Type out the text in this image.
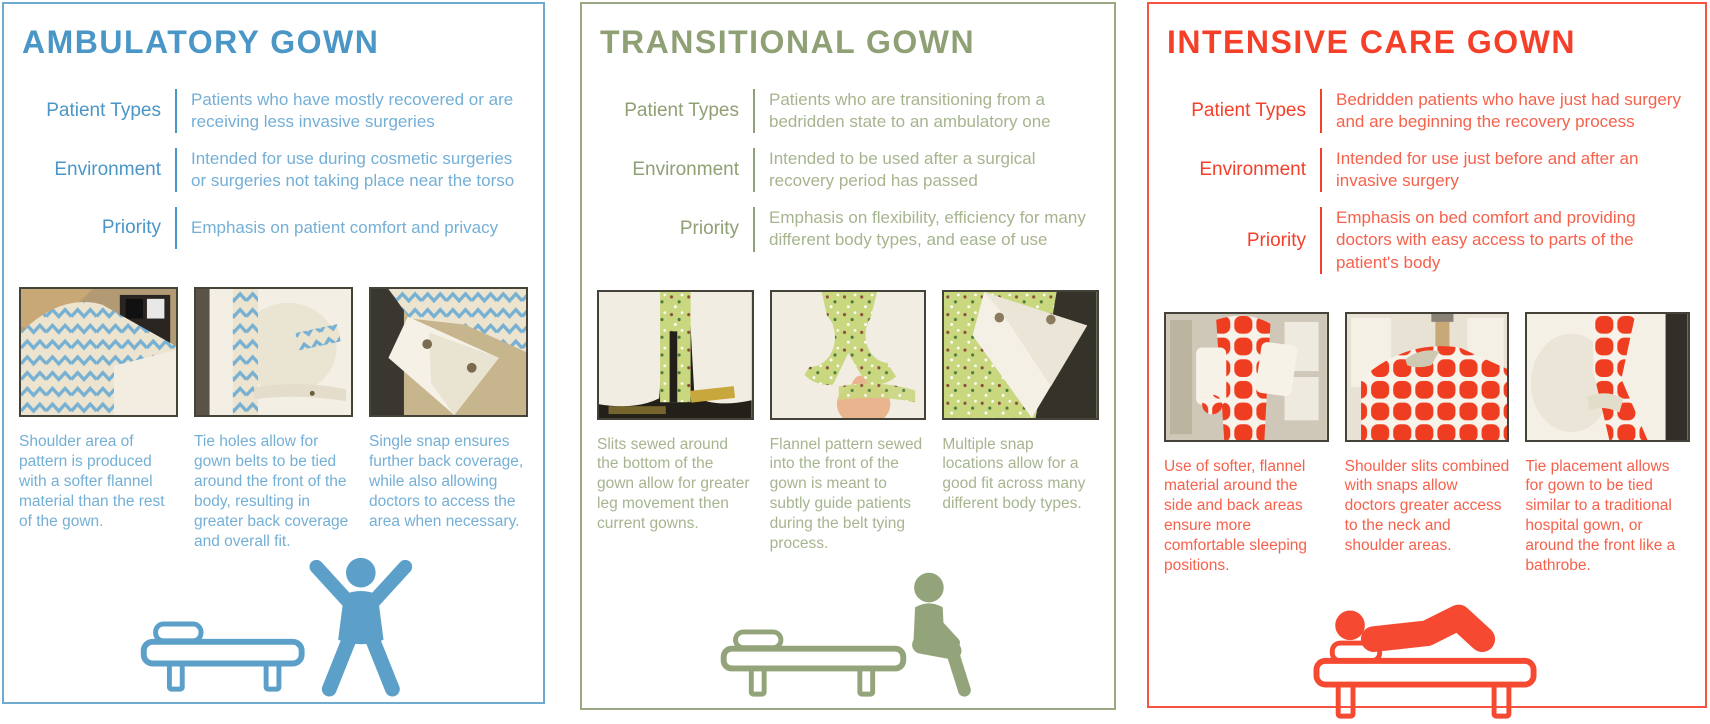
AMBULATORY GOWN
Patient Types
Patients who have mostly recovered or are receiving less invasive surgeries
Environment
Intended for use during cosmetic surgeries or surgeries not taking place near the torso
Priority Emphasis on patient comfort and privacy

Shoulder area of pattern is produced with a softer flannel material than the rest of the gown.

Tie holes allow for gown belts to be tied around the front of the body, resulting in greater back coverage and overall fit.

Single snap ensures further back coverage, while also allowing doctors to access the area when necessary.

TRANSITIONAL GOWN
Patient Types
Patients who are transitioning from a bedridden state to an ambulatory one
Environment
Intended to be used after a surgical recovery period has passed
Priority
Emphasis on flexibility, efficiency for many different body types, and ease of use

Slits sewed around the bottom of the gown allow for greater leg movement then current gowns.

Flannel pattern sewed into the front of the gown is meant to subtly guide patients during the belt tying process.

Multiple snap locations allow for a good fit across many different body types.

INTENSIVE CARE GOWN
Patient Types
Bedridden patients who have just had surgery and are beginning the recovery process
Environment
Intended for use just before and after an invasive surgery
Priority
Emphasis on bed comfort and providing doctors with easy access to parts of the patient's body

Use of softer, flannel material around the side and back areas ensure more comfortable sleeping positions.

Shoulder slits combined with snaps allow doctors greater access to the neck and shoulder areas.

Tie placement allows for gown to be tied similar to a traditional hospital gown, or around the front like a bathrobe.
